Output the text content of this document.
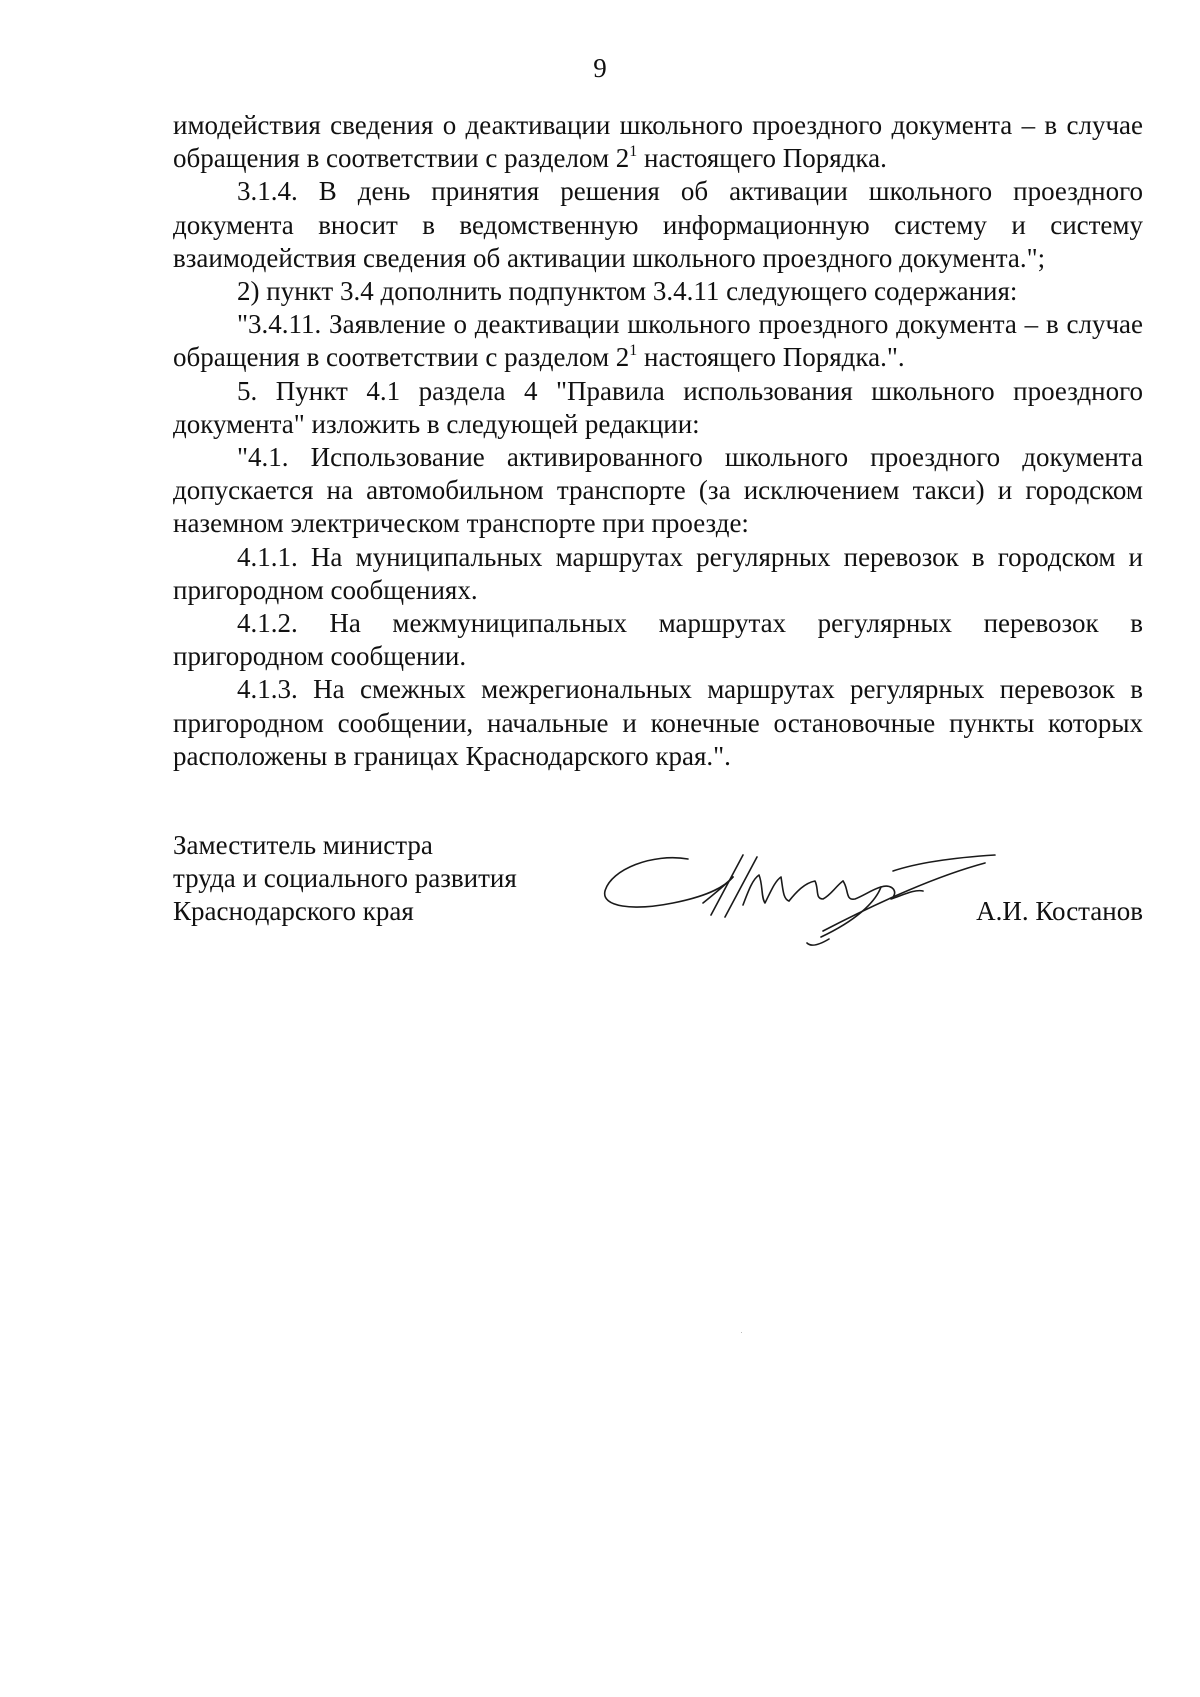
9

имодействия сведения о деактивации школьного проездного документа – в случае обращения в соответствии с разделом $2^1$ настоящего Порядка.

3.1.4. В день принятия решения об активации школьного проездного документа вносит в ведомственную информационную систему и систему взаимодействия сведения об активации школьного проездного документа.";

2) пункт 3.4 дополнить подпунктом 3.4.11 следующего содержания:

"3.4.11. Заявление о деактивации школьного проездного документа – в случае обращения в соответствии с разделом $2^1$ настоящего Порядка.".

5. Пункт 4.1 раздела 4 "Правила использования школьного проездного документа" изложить в следующей редакции:

"4.1. Использование активированного школьного проездного документа допускается на автомобильном транспорте (за исключением такси) и городском наземном электрическом транспорте при проезде:

4.1.1. На муниципальных маршрутах регулярных перевозок в городском и пригородном сообщениях.

4.1.2. На межмуниципальных маршрутах регулярных перевозок в пригородном сообщении.

4.1.3. На смежных межрегиональных маршрутах регулярных перевозок в пригородном сообщении, начальные и конечные остановочные пункты которых расположены в границах Краснодарского края.".

Заместитель министра
труда и социального развития
Краснодарского края	А.И. Костанов
